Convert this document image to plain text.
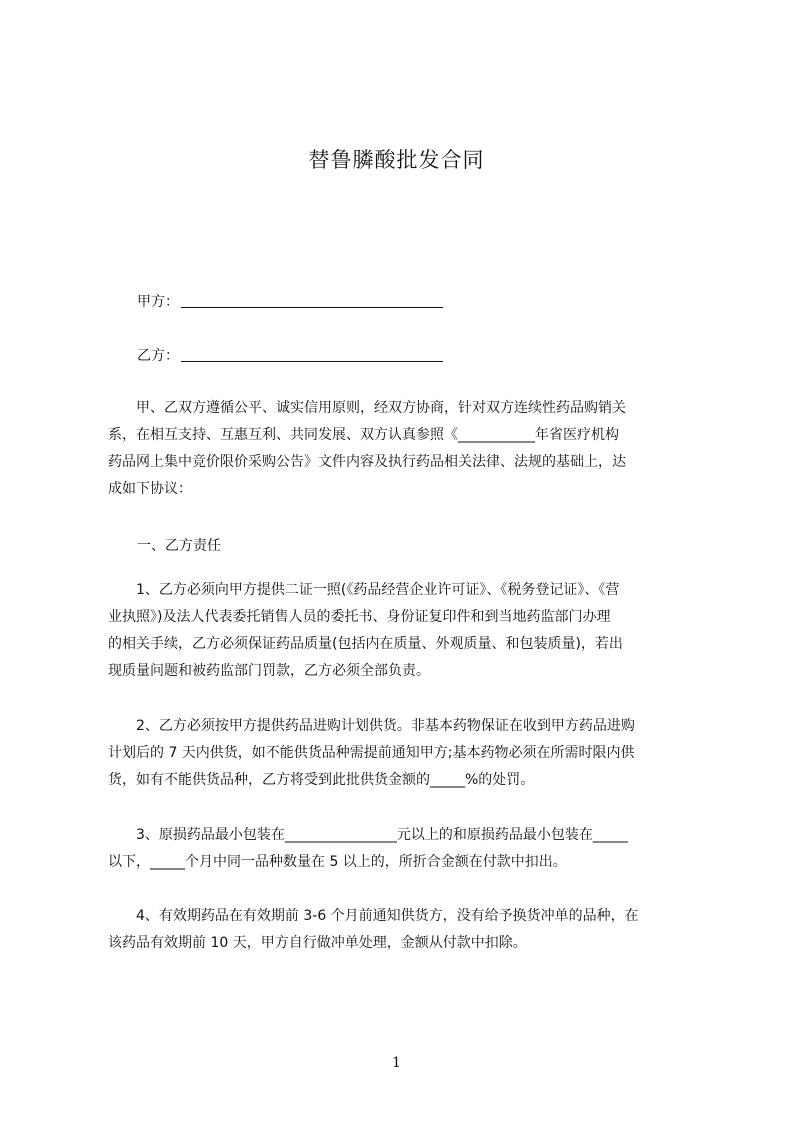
替鲁膦酸批发合同
甲方：
乙方：
　　甲、乙双方遵循公平、诚实信用原则，经双方协商，针对双方连续性药品购销关
系，在相互支持、互惠互利、共同发展、双方认真参照《___________年省医疗机构
药品网上集中竞价限价采购公告》文件内容及执行药品相关法律、法规的基础上，达
成如下协议：
一、乙方责任
　　1、乙方必须向甲方提供二证一照(《药品经营企业许可证》、《税务登记证》、《营
业执照》)及法人代表委托销售人员的委托书、身份证复印件和到当地药监部门办理
的相关手续，乙方必须保证药品质量(包括内在质量、外观质量、和包装质量)，若出
现质量问题和被药监部门罚款，乙方必须全部负责。
　　2、乙方必须按甲方提供药品进购计划供货。非基本药物保证在收到甲方药品进购
计划后的 7 天内供货，如不能供货品种需提前通知甲方;基本药物必须在所需时限内供
货，如有不能供货品种，乙方将受到此批供货金额的_____%的处罚。
　　3、原损药品最小包装在________________元以上的和原损药品最小包装在_____
以下，_____个月中同一品种数量在 5 以上的，所折合金额在付款中扣出。
　　4、有效期药品在有效期前 3-6 个月前通知供货方，没有给予换货冲单的品种，在
该药品有效期前 10 天，甲方自行做冲单处理，金额从付款中扣除。
1
